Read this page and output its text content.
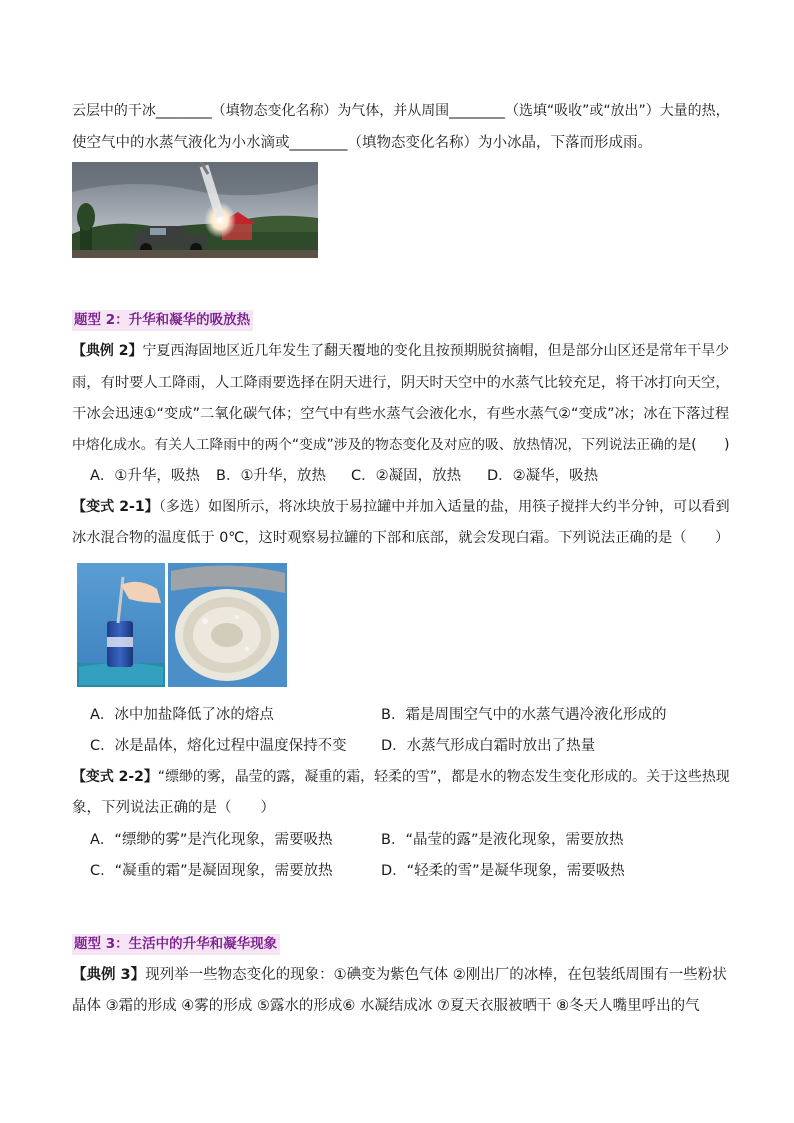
云层中的干冰________（填物态变化名称）为气体，并从周围________（选填“吸收”或“放出”）大量的热，
使空气中的水蒸气液化为小水滴或________（填物态变化名称）为小冰晶，下落而形成雨。
题型 2：升华和凝华的吸放热
【典例 2】宁夏西海固地区近几年发生了翻天覆地的变化且按预期脱贫摘帽，但是部分山区还是常年干旱少
雨，有时要人工降雨，人工降雨要选择在阴天进行，阴天时天空中的水蒸气比较充足，将干冰打向天空，
干冰会迅速①“变成”二氧化碳气体；空气中有些水蒸气会液化水，有些水蒸气②“变成”冰；冰在下落过程
中熔化成水。有关人工降雨中的两个“变成”涉及的物态变化及对应的吸、放热情况，下列说法正确的是(　　)
A．①升华，吸热 B．①升华，放热 C．②凝固，放热 D．②凝华，吸热
【变式 2-1】（多选）如图所示，将冰块放于易拉罐中并加入适量的盐，用筷子搅拌大约半分钟，可以看到
冰水混合物的温度低于 0℃，这时观察易拉罐的下部和底部，就会发现白霜。下列说法正确的是（　　）
A．冰中加盐降低了冰的熔点	B．霜是周围空气中的水蒸气遇冷液化形成的
C．冰是晶体，熔化过程中温度保持不变 D．水蒸气形成白霜时放出了热量
【变式 2-2】“缥缈的雾，晶莹的露，凝重的霜，轻柔的雪”，都是水的物态发生变化形成的。关于这些热现
象，下列说法正确的是（　　）
A．“缥缈的雾”是汽化现象，需要吸热	B．“晶莹的露”是液化现象，需要放热
C．“凝重的霜”是凝固现象，需要放热	D．“轻柔的雪”是凝华现象，需要吸热
题型 3：生活中的升华和凝华现象
【典例 3】现列举一些物态变化的现象：①碘变为紫色气体 ②刚出厂的冰棒，在包装纸周围有一些粉状
晶体 ③霜的形成 ④雾的形成 ⑤露水的形成⑥ 水凝结成冰 ⑦夏天衣服被晒干 ⑧冬天人嘴里呼出的气
